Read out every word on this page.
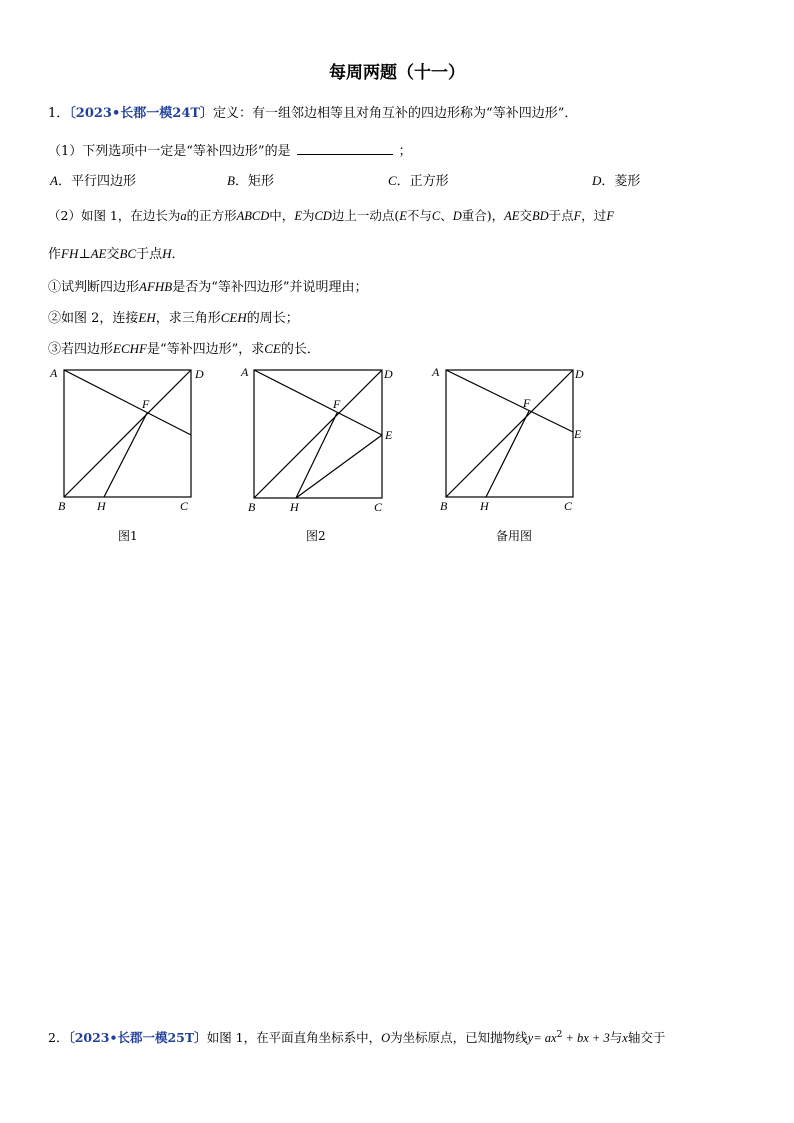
每周两题（十一）
1．〔2023•长郡一模24T〕定义：有一组邻边相等且对角互补的四边形称为“等补四边形”．
（1）下列选项中一定是“等补四边形”的是	；
A．平行四边形	B．矩形	C．正方形	D．菱形
（2）如图 1，在边长为a的正方形ABCD中，E为CD边上一动点(E不与C、D重合)，AE交BD于点F，过F
作FH⊥AE交BC于点H．
①试判断四边形AFHB是否为“等补四边形”并说明理由；
②如图 2，连接EH，求三角形CEH的周长；
③若四边形ECHF是“等补四边形”，求CE的长．
A	D
F
B	H	C
图1
A	D
F
E
B	H	C
图2
A	D
F
E
B	H	C
备用图
2．〔2023•长郡一模25T〕如图 1，在平面直角坐标系中，O为坐标原点，已知抛物线$y= ax^2$ + bx + 3与x轴交于
